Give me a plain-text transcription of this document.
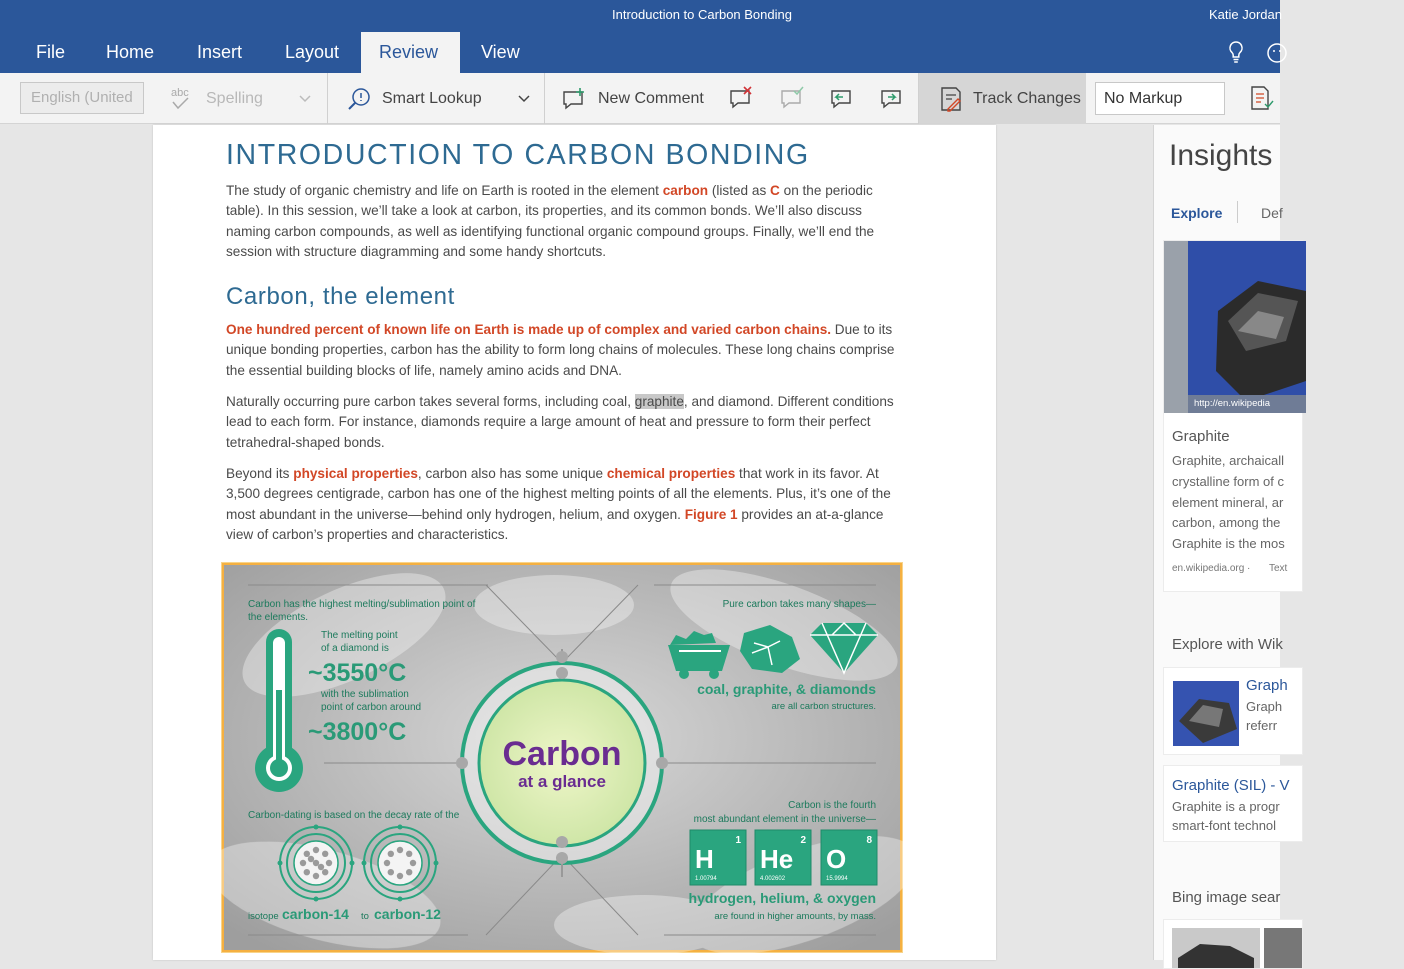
Introduction to Carbon Bonding	Katie Jordan
File	Home	Insert	Layout	Review	View
English (United	abc Spelling	Smart Lookup	New Comment	Track Changes	No Markup
INTRODUCTION TO CARBON BONDING

The study of organic chemistry and life on Earth is rooted in the element carbon (listed as C on the periodic table). In this session, we’ll take a look at carbon, its properties, and its common bonds. We’ll also discuss naming carbon compounds, as well as identifying functional organic compound groups. Finally, we’ll end the session with structure diagramming and some handy shortcuts.

Carbon, the element

One hundred percent of known life on Earth is made up of complex and varied carbon chains. Due to its unique bonding properties, carbon has the ability to form long chains of molecules. These long chains comprise the essential building blocks of life, namely amino acids and DNA.

Naturally occurring pure carbon takes several forms, including coal, graphite, and diamond. Different conditions lead to each form. For instance, diamonds require a large amount of heat and pressure to form their perfect tetrahedral-shaped bonds.

Beyond its physical properties, carbon also has some unique chemical properties that work in its favor. At 3,500 degrees centigrade, carbon has one of the highest melting points of all the elements. Plus, it’s one of the most abundant in the universe—behind only hydrogen, helium, and oxygen. Figure 1 provides an at-a-glance view of carbon’s properties and characteristics.

Carbon has the highest melting/sublimation point of
the elements.
The melting point
of a diamond is
~3550°C
with the sublimation
point of carbon around
~3800°C
Carbon
at a glance
Pure carbon takes many shapes—
coal, graphite, & diamonds
are all carbon structures.
Carbon-dating is based on the decay rate of the
isotope carbon-14 to carbon-12
Carbon is the fourth
most abundant element in the universe—
H
1
1.00794
He
2
4.002602
O
8
15.9994
hydrogen, helium, & oxygen
are found in higher amounts, by mass.
Insights
Explore	Def
http://en.wikipedia
Graphite
Graphite, archaicall
crystalline form of c
element mineral, ar
carbon, among the
Graphite is the mos
en.wikipedia.org · Text
Explore with Wik
Graph
Graph
referr
Graphite (SIL) - V
Graphite is a progr
smart-font technol
Bing image sear
